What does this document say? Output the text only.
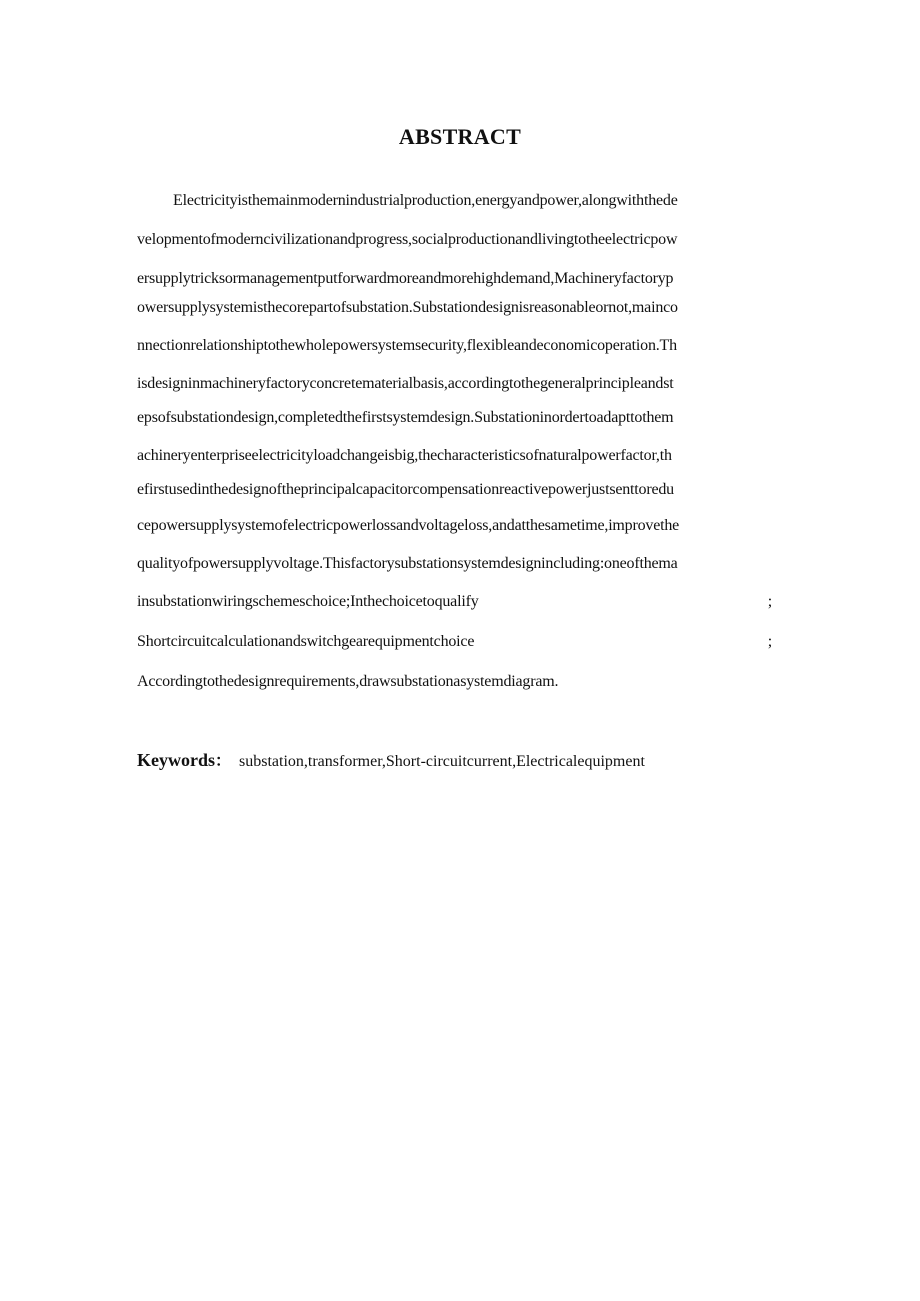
ABSTRACT
Electricityisthemainmodernindustrialproduction,energyandpower,alongwiththede
velopmentofmoderncivilizationandprogress,socialproductionandlivingtotheelectricpow
ersupplytricksormanagementputforwardmoreandmorehighdemand,Machineryfactoryp
owersupplysystemisthecorepartofsubstation.Substationdesignisreasonableornot,mainco
nnectionrelationshiptothewholepowersystemsecurity,flexibleandeconomicoperation.Th
isdesigninmachineryfactoryconcretematerialbasis,accordingtothegeneralprincipleandst
epsofsubstationdesign,completedthefirstsystemdesign.Substationinordertoadapttothem
achineryenterpriseelectricityloadchangeisbig,thecharacteristicsofnaturalpowerfactor,th
efirstusedinthedesignoftheprincipalcapacitorcompensationreactivepowerjustsenttoredu
cepowersupplysystemofelectricpowerlossandvoltageloss,andatthesametime,improvethe
qualityofpowersupplyvoltage.Thisfactorysubstationsystemdesignincluding:oneofthema
insubstationwiringschemeschoice;Inthechoicetoqualify	;
Shortcircuitcalculationandswitchgearequipmentchoice	;
Accordingtothedesignrequirements,drawsubstationasystemdiagram.
Keywords： substation,transformer,Short-circuitcurrent,Electricalequipment
